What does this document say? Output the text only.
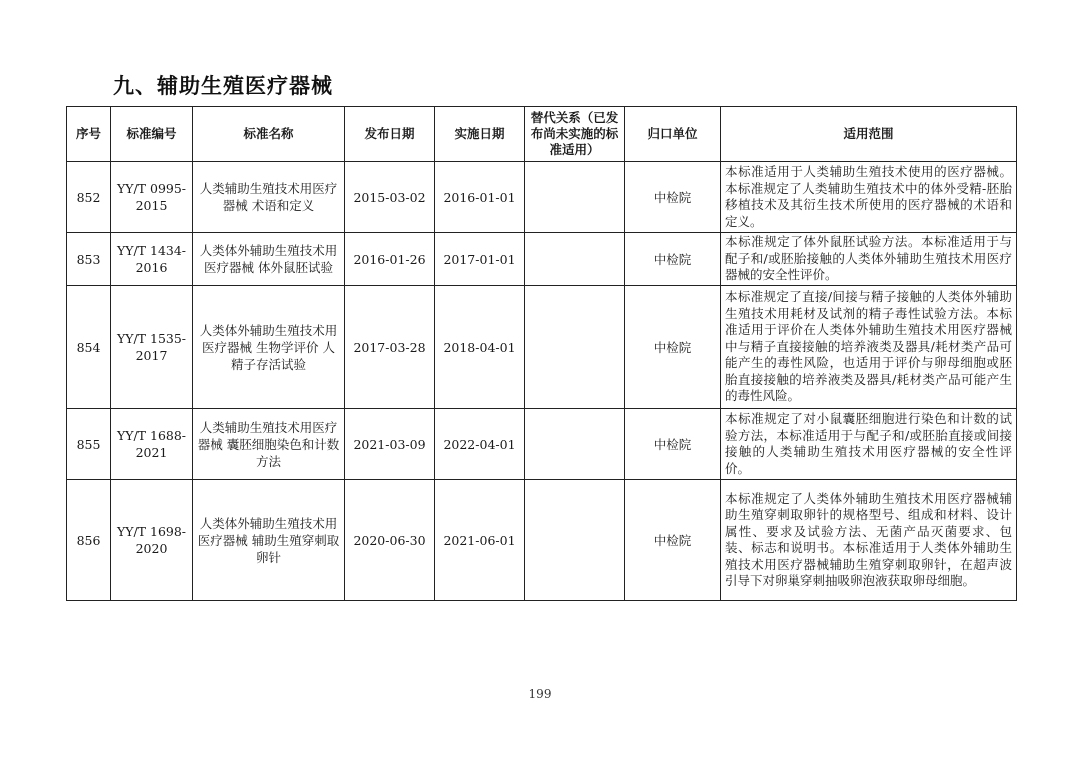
九、辅助生殖医疗器械
序号	标准编号	标准名称	发布日期	实施日期	替代关系（已发布尚未实施的标准适用）	归口单位	适用范围
852	YY/T 0995-2015	人类辅助生殖技术用医疗器械 术语和定义	2015-03-02	2016-01-01		中检院	本标准适用于人类辅助生殖技术使用的医疗器械。本标准规定了人类辅助生殖技术中的体外受精-胚胎移植技术及其衍生技术所使用的医疗器械的术语和定义。
853	YY/T 1434-2016	人类体外辅助生殖技术用医疗器械 体外鼠胚试验	2016-01-26	2017-01-01		中检院	本标准规定了体外鼠胚试验方法。本标准适用于与配子和/或胚胎接触的人类体外辅助生殖技术用医疗器械的安全性评价。
854	YY/T 1535-2017	人类体外辅助生殖技术用医疗器械 生物学评价 人精子存活试验	2017-03-28	2018-04-01		中检院	本标准规定了直接/间接与精子接触的人类体外辅助生殖技术用耗材及试剂的精子毒性试验方法。本标准适用于评价在人类体外辅助生殖技术用医疗器械中与精子直接接触的培养液类及器具/耗材类产品可能产生的毒性风险，也适用于评价与卵母细胞或胚胎直接接触的培养液类及器具/耗材类产品可能产生的毒性风险。
855	YY/T 1688-2021	人类辅助生殖技术用医疗器械 囊胚细胞染色和计数方法	2021-03-09	2022-04-01		中检院	本标准规定了对小鼠囊胚细胞进行染色和计数的试验方法，本标准适用于与配子和/或胚胎直接或间接接触的人类辅助生殖技术用医疗器械的安全性评价。
856	YY/T 1698-2020	人类体外辅助生殖技术用医疗器械 辅助生殖穿刺取卵针	2020-06-30	2021-06-01		中检院	本标准规定了人类体外辅助生殖技术用医疗器械辅助生殖穿刺取卵针的规格型号、组成和材料、设计属性、要求及试验方法、无菌产品灭菌要求、包装、标志和说明书。本标准适用于人类体外辅助生殖技术用医疗器械辅助生殖穿刺取卵针，在超声波引导下对卵巢穿刺抽吸卵泡液获取卵母细胞。
199
